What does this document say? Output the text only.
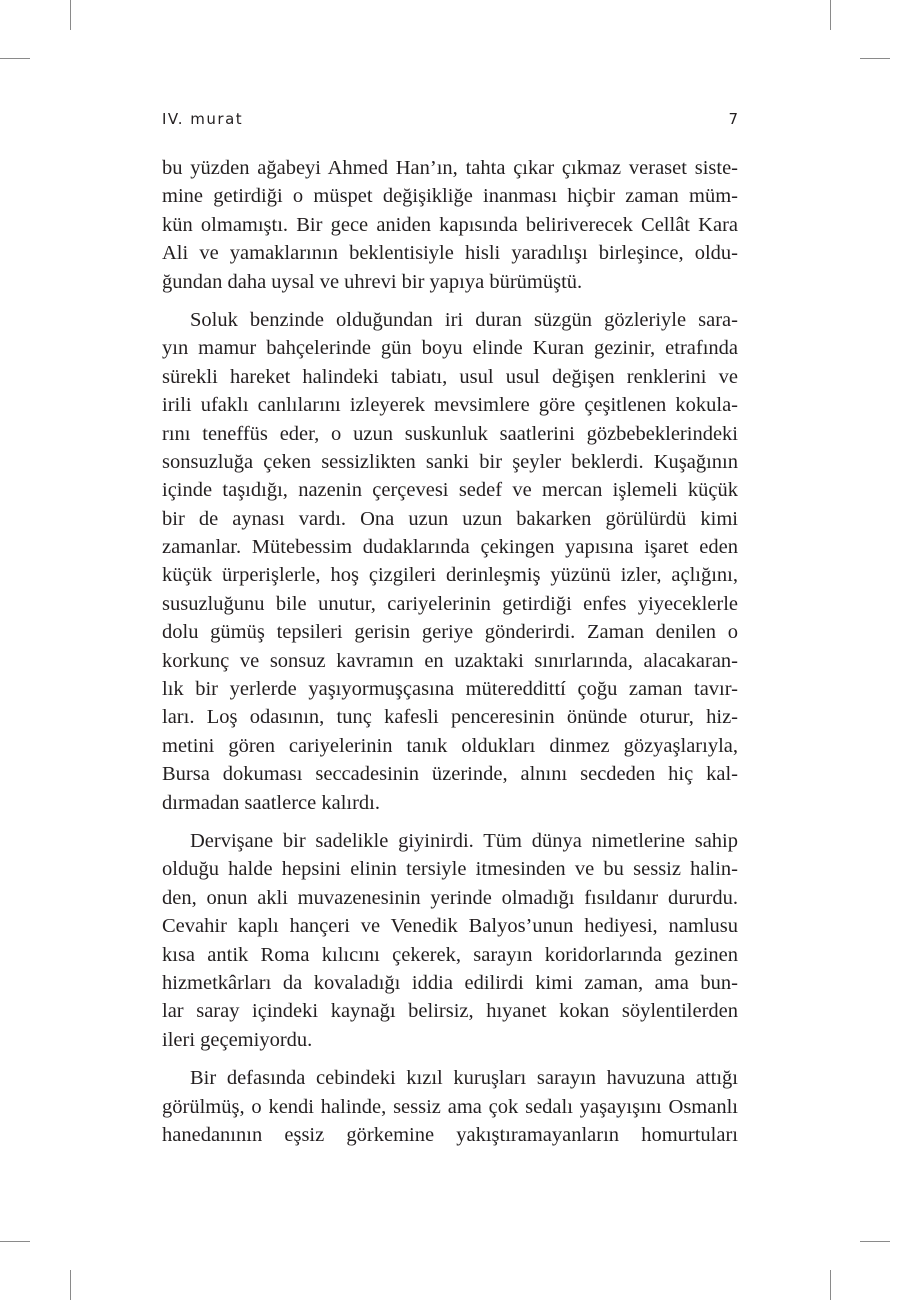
IV. murat	7
bu yüzden ağabeyi Ahmed Han’ın, tahta çıkar çıkmaz veraset siste-
mine getirdiği o müspet değişikliğe inanması hiçbir zaman müm-
kün olmamıştı. Bir gece aniden kapısında beliriverecek Cellât Kara
Ali ve yamaklarının beklentisiyle hisli yaradılışı birleşince, oldu-
ğundan daha uysal ve uhrevi bir yapıya bürümüştü.
Soluk benzinde olduğundan iri duran süzgün gözleriyle sara-
yın mamur bahçelerinde gün boyu elinde Kuran gezinir, etrafında
sürekli hareket halindeki tabiatı, usul usul değişen renklerini ve
irili ufaklı canlılarını izleyerek mevsimlere göre çeşitlenen kokula-
rını teneffüs eder, o uzun suskunluk saatlerini gözbebeklerindeki
sonsuzluğa çeken sessizlikten sanki bir şeyler beklerdi. Kuşağının
içinde taşıdığı, nazenin çerçevesi sedef ve mercan işlemeli küçük
bir de aynası vardı. Ona uzun uzun bakarken görülürdü kimi
zamanlar. Mütebessim dudaklarında çekingen yapısına işaret eden
küçük ürperişlerle, hoş çizgileri derinleşmiş yüzünü izler, açlığını,
susuzluğunu bile unutur, cariyelerinin getirdiği enfes yiyeceklerle
dolu gümüş tepsileri gerisin geriye gönderirdi. Zaman denilen o
korkunç ve sonsuz kavramın en uzaktaki sınırlarında, alacakaran-
lık bir yerlerde yaşıyormuşçasına mütereddittí çoğu zaman tavır-
ları. Loş odasının, tunç kafesli penceresinin önünde oturur, hiz-
metini gören cariyelerinin tanık oldukları dinmez gözyaşlarıyla,
Bursa dokuması seccadesinin üzerinde, alnını secdeden hiç kal-
dırmadan saatlerce kalırdı.
Dervişane bir sadelikle giyinirdi. Tüm dünya nimetlerine sahip
olduğu halde hepsini elinin tersiyle itmesinden ve bu sessiz halin-
den, onun akli muvazenesinin yerinde olmadığı fısıldanır dururdu.
Cevahir kaplı hançeri ve Venedik Balyos’unun hediyesi, namlusu
kısa antik Roma kılıcını çekerek, sarayın koridorlarında gezinen
hizmetkârları da kovaladığı iddia edilirdi kimi zaman, ama bun-
lar saray içindeki kaynağı belirsiz, hıyanet kokan söylentilerden
ileri geçemiyordu.
Bir defasında cebindeki kızıl kuruşları sarayın havuzuna attığı
görülmüş, o kendi halinde, sessiz ama çok sedalı yaşayışını Osmanlı
hanedanının eşsiz görkemine yakıştıramayanların homurtuları
